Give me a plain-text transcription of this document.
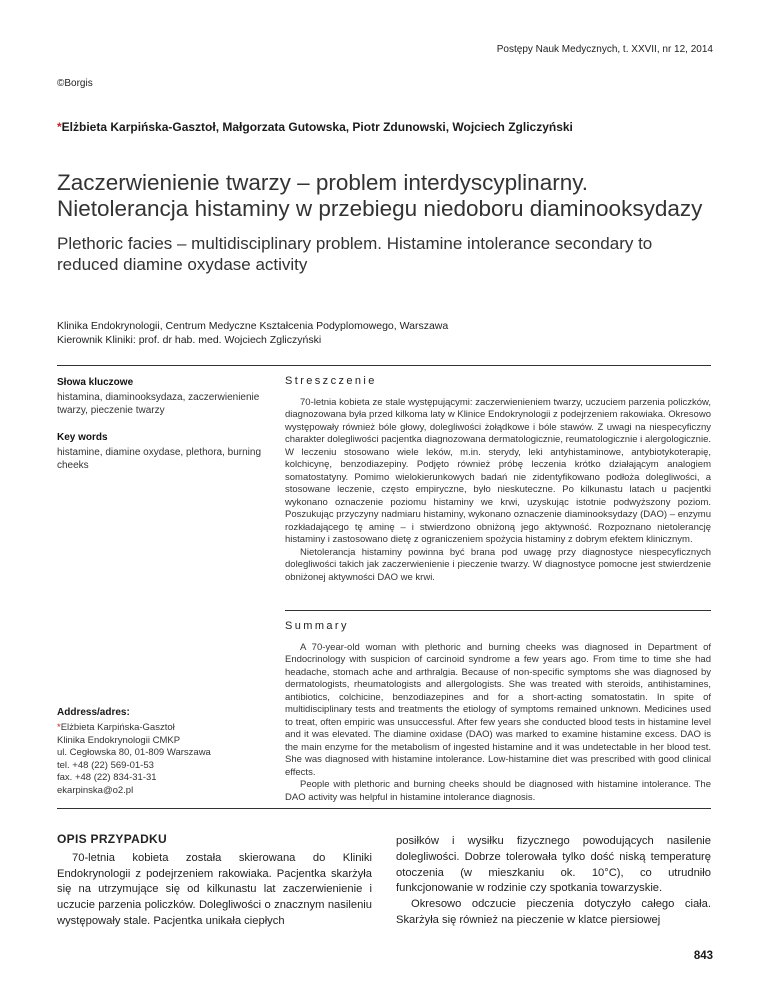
Postępy Nauk Medycznych, t. XXVII, nr 12, 2014
©Borgis
*Elżbieta Karpińska-Gasztoł, Małgorzata Gutowska, Piotr Zdunowski, Wojciech Zgliczyński
Zaczerwienienie twarzy – problem interdyscyplinarny. Nietolerancja histaminy w przebiegu niedoboru diaminooksydazy
Plethoric facies – multidisciplinary problem. Histamine intolerance secondary to reduced diamine oxydase activity
Klinika Endokrynologii, Centrum Medyczne Kształcenia Podyplomowego, Warszawa
Kierownik Kliniki: prof. dr hab. med. Wojciech Zgliczyński
Słowa kluczowe
histamina, diaminooksydaza, zaczerwienienie twarzy, pieczenie twarzy
Key words
histamine, diamine oxydase, plethora, burning cheeks
Streszczenie

70-letnia kobieta ze stale występującymi: zaczerwienieniem twarzy, uczuciem parzenia policzków, diagnozowana była przed kilkoma laty w Klinice Endokrynologii z podejrzeniem rakowiaka. Okresowo występowały również bóle głowy, dolegliwości żołądkowe i bóle stawów. Z uwagi na niespecyficzny charakter dolegliwości pacjentka diagnozowana dermatologicznie, reumatologicznie i alergologicznie. W leczeniu stosowano wiele leków, m.in. sterydy, leki antyhistaminowe, antybiotykoterapię, kolchicynę, benzodiazepiny. Podjęto również próbę leczenia krótko działającym analogiem somatostatyny. Pomimo wielokierunkowych badań nie zidentyfikowano podłoża dolegliwości, a stosowane leczenie, często empiryczne, było nieskuteczne. Po kilkunastu latach u pacjentki wykonano oznaczenie poziomu histaminy we krwi, uzyskując istotnie podwyższony poziom. Poszukując przyczyny nadmiaru histaminy, wykonano oznaczenie diaminooksydazy (DAO) – enzymu rozkładającego tę aminę – i stwierdzono obniżoną jego aktywność. Rozpoznano nietolerancję histaminy i zastosowano dietę z ograniczeniem spożycia histaminy z dobrym efektem klinicznym.

Nietolerancja histaminy powinna być brana pod uwagę przy diagnostyce niespecyficznych dolegliwości takich jak zaczerwienienie i pieczenie twarzy. W diagnostyce pomocne jest stwierdzenie obniżonej aktywności DAO we krwi.

Summary

A 70-year-old woman with plethoric and burning cheeks was diagnosed in Department of Endocrinology with suspicion of carcinoid syndrome a few years ago. From time to time she had headache, stomach ache and arthralgia. Because of non-specific symptoms she was diagnosed by dermatologists, rheumatologists and allergologists. She was treated with steroids, antihistamines, antibiotics, colchicine, benzodiazepines and for a short-acting somatostatin. In spite of multidisciplinary tests and treatments the etiology of symptoms remained unknown. Medicines used to treat, often empiric was unsuccessful. After few years she conducted blood tests in histamine level and it was elevated. The diamine oxidase (DAO) was marked to examine histamine excess. DAO is the main enzyme for the metabolism of ingested histamine and it was undetectable in her blood test. She was diagnosed with histamine intolerance. Low-histamine diet was prescribed with good clinical effects.

People with plethoric and burning cheeks should be diagnosed with histamine intolerance. The DAO activity was helpful in histamine intolerance diagnosis.

Address/adres:
*Elżbieta Karpińska-Gasztoł
Klinika Endokrynologii CMKP
ul. Cegłowska 80, 01-809 Warszawa
tel. +48 (22) 569-01-53
fax. +48 (22) 834-31-31
ekarpinska@o2.pl
OPIS PRZYPADKU

70-letnia kobieta została skierowana do Kliniki Endokrynologii z podejrzeniem rakowiaka. Pacjentka skarżyła się na utrzymujące się od kilkunastu lat zaczerwienienie i uczucie parzenia policzków. Dolegliwości o znacznym nasileniu występowały stale. Pacjentka unikała ciepłych

posiłków i wysiłku fizycznego powodujących nasilenie dolegliwości. Dobrze tolerowała tylko dość niską temperaturę otoczenia (w mieszkaniu ok. 10°C), co utrudniło funkcjonowanie w rodzinie czy spotkania towarzyskie.

Okresowo odczucie pieczenia dotyczyło całego ciała. Skarżyła się również na pieczenie w klatce piersiowej

843
